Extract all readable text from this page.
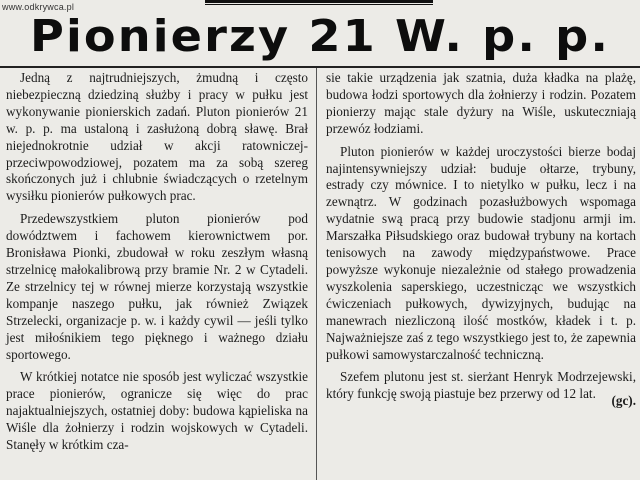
www.odkrywca.pl
Pionierzy 21 W. p. p.

Jedną z najtrudniejszych, żmudną i często niebezpieczną dziedziną służby i pracy w pułku jest wykonywanie pionierskich zadań. Pluton pionierów 21 w. p. p. ma ustaloną i zasłużoną dobrą sławę. Brał niejednokrotnie udział w akcji ratowniczej-przeciwpowodziowej, pozatem ma za sobą szereg skończonych już i chlubnie świadczących o rzetelnym wysiłku pionierów pułkowych prac.

Przedewszystkiem pluton pionierów pod dowództwem i fachowem kierownictwem por. Bronisława Pionki, zbudował w roku zeszłym własną strzelnicę małokalibrową przy bramie Nr. 2 w Cytadeli. Ze strzelnicy tej w równej mierze korzystają wszystkie kompanje naszego pułku, jak również Związek Strzelecki, organizacje p. w. i każdy cywil — jeśli tylko jest miłośnikiem tego pięknego i ważnego działu sportowego.

W krótkiej notatce nie sposób jest wyliczać wszystkie prace pionierów, ogranicze się więc do prac najaktualniejszych, ostatniej doby: budowa kąpieliska na Wiśle dla żołnierzy i rodzin wojskowych w Cytadeli. Stanęły w krótkim cza-

sie takie urządzenia jak szatnia, duża kładka na plażę, budowa łodzi sportowych dla żołnierzy i rodzin. Pozatem pionierzy mając stale dyżury na Wiśle, uskuteczniają przewóz łodziami.

Pluton pionierów w każdej uroczystości bierze bodaj najintensywniejszy udział: buduje ołtarze, trybuny, estrady czy mównice. I to nietylko w pułku, lecz i na zewnątrz. W godzinach pozasłużbowych wspomaga wydatnie swą pracą przy budowie stadjonu armji im. Marszałka Piłsudskiego oraz budował trybuny na kortach tenisowych na zawody międzypaństwowe. Prace powyższe wykonuje niezależnie od stałego prowadzenia wyszkolenia saperskiego, uczestnicząc we wszystkich ćwiczeniach pułkowych, dywizyjnych, budując na manewrach niezliczoną ilość mostków, kładek i t. p. Najważniejsze zaś z tego wszystkiego jest to, że zapewnia pułkowi samowystarczalność techniczną.

Szefem plutonu jest st. sierżant Henryk Modrzejewski, który funkcję swoją piastuje bez przerwy od 12 lat.	(gc).
